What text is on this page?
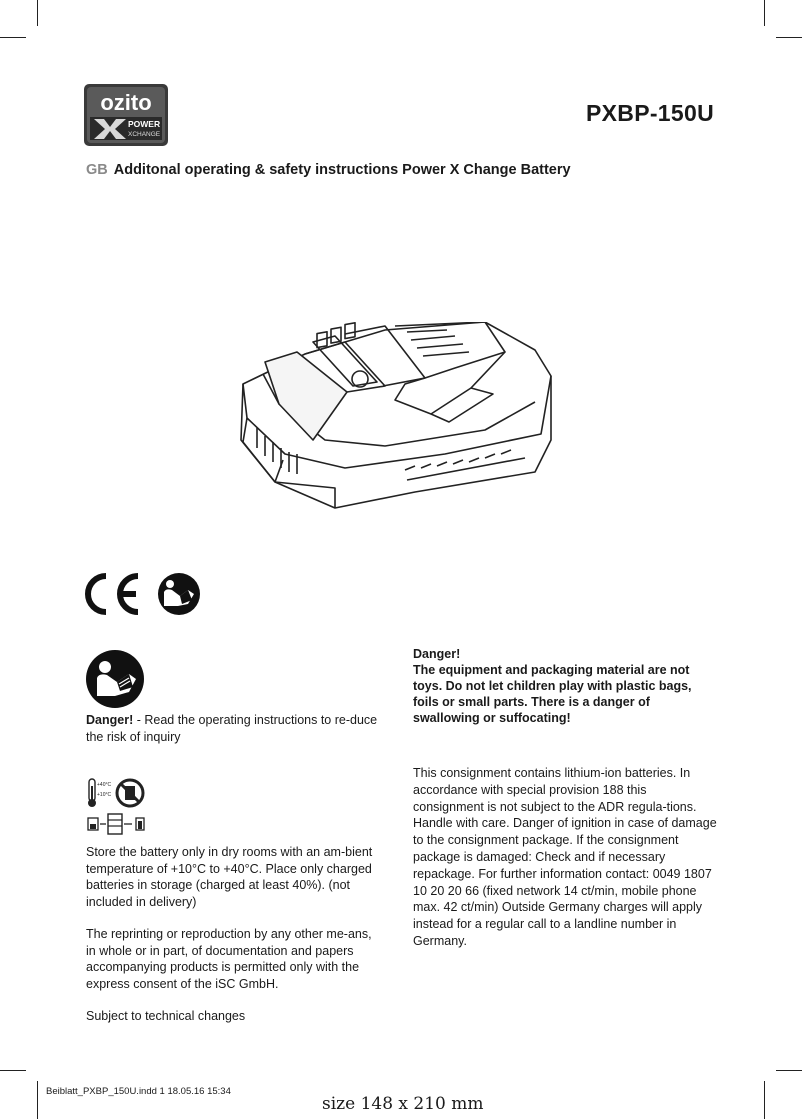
ozito
POWER
XCHANGE
PXBP-150U
GB Additonal operating & safety instructions Power X Change Battery

Danger! - Read the operating instructions to re-duce the risk of inquiry

+40°C
+10°C
Store the battery only in dry rooms with an am-bient temperature of +10°C to +40°C. Place only charged batteries in storage (charged at least 40%). (not included in delivery)
The reprinting or reproduction by any other me-ans, in whole or in part, of documentation and papers accompanying products is permitted only with the express consent of the iSC GmbH.
Subject to technical changes
Danger!
The equipment and packaging material are not toys. Do not let children play with plastic bags, foils or small parts. There is a danger of swallowing or suffocating!
This consignment contains lithium-ion batteries. In accordance with special provision 188 this consignment is not subject to the ADR regula-tions. Handle with care. Danger of ignition in case of damage to the consignment package. If the consignment package is damaged: Check and if necessary repackage. For further information contact: 0049 1807 10 20 20 66 (fixed network 14 ct/min, mobile phone max. 42 ct/min) Outside Germany charges will apply instead for a regular call to a landline number in Germany.
Beiblatt_PXBP_150U.indd 1 18.05.16 15:34
size 148 x 210 mm
